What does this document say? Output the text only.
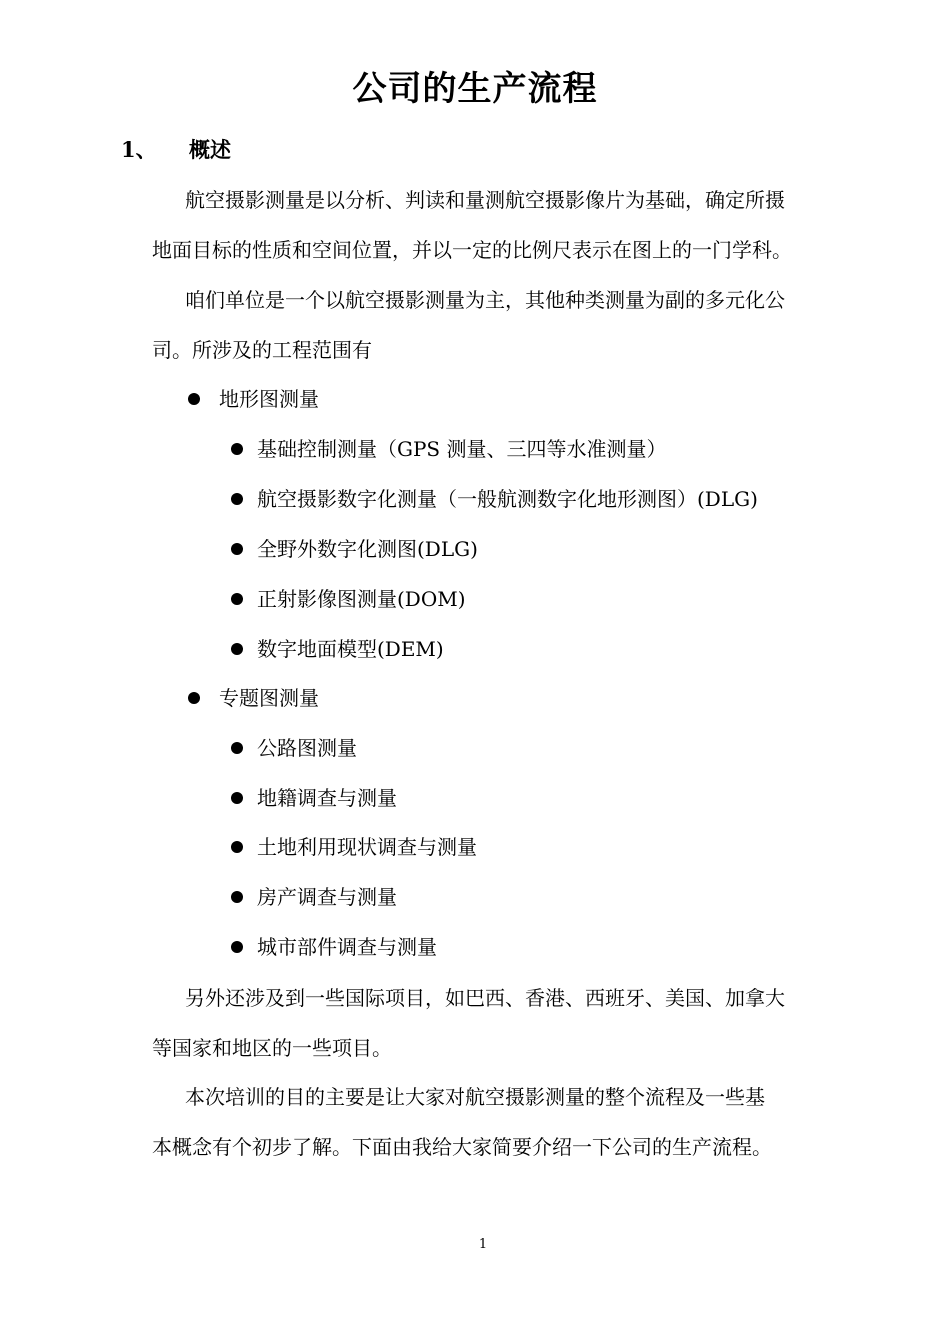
公司的生产流程
1、 概述
航空摄影测量是以分析、判读和量测航空摄影像片为基础，确定所摄
地面目标的性质和空间位置，并以一定的比例尺表示在图上的一门学科。
咱们单位是一个以航空摄影测量为主，其他种类测量为副的多元化公
司。所涉及的工程范围有
地形图测量
基础控制测量（GPS 测量、三四等水准测量）
航空摄影数字化测量（一般航测数字化地形测图）(DLG)
全野外数字化测图(DLG)
正射影像图测量(DOM)
数字地面模型(DEM)
专题图测量
公路图测量
地籍调查与测量
土地利用现状调查与测量
房产调查与测量
城市部件调查与测量
另外还涉及到一些国际项目，如巴西、香港、西班牙、美国、加拿大
等国家和地区的一些项目。
本次培训的目的主要是让大家对航空摄影测量的整个流程及一些基
本概念有个初步了解。下面由我给大家简要介绍一下公司的生产流程。
1
